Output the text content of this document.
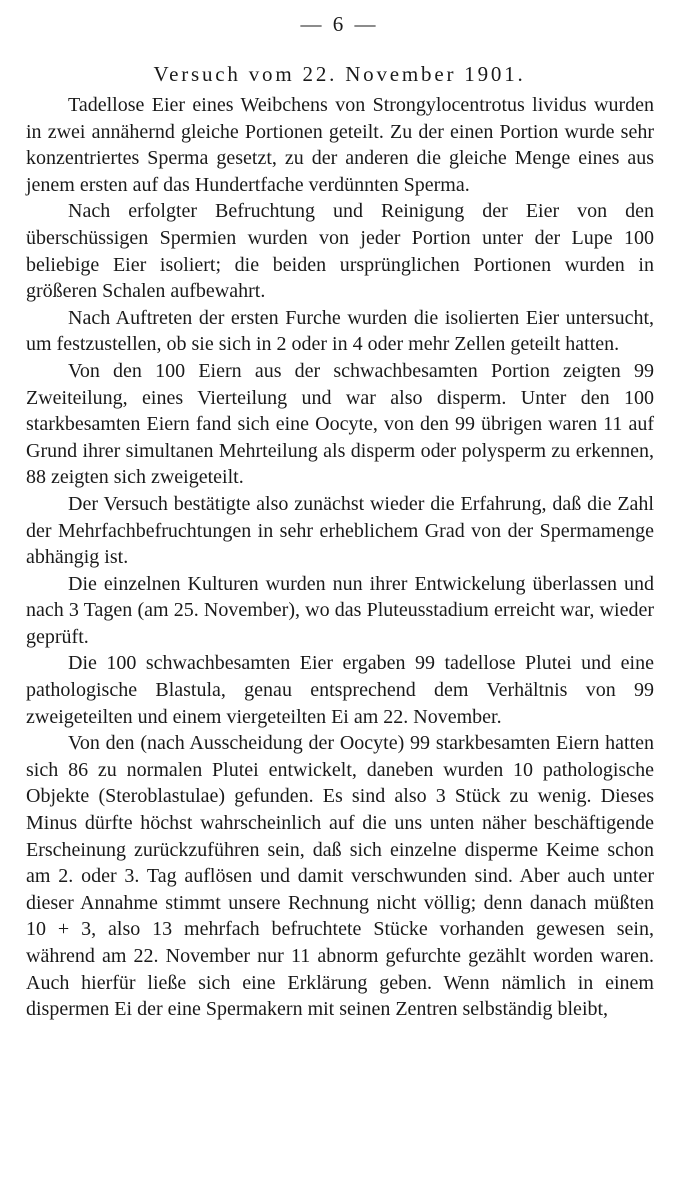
— 6 —
Versuch vom 22. November 1901.

Tadellose Eier eines Weibchens von Strongylocentrotus lividus wurden in zwei annähernd gleiche Portionen geteilt. Zu der einen Portion wurde sehr konzentriertes Sperma gesetzt, zu der anderen die gleiche Menge eines aus jenem ersten auf das Hundertfache verdünnten Sperma.

Nach erfolgter Befruchtung und Reinigung der Eier von den überschüssigen Spermien wurden von jeder Portion unter der Lupe 100 beliebige Eier isoliert; die beiden ursprünglichen Portionen wurden in größeren Schalen aufbewahrt.

Nach Auftreten der ersten Furche wurden die isolierten Eier untersucht, um festzustellen, ob sie sich in 2 oder in 4 oder mehr Zellen geteilt hatten.

Von den 100 Eiern aus der schwachbesamten Portion zeigten 99 Zweiteilung, eines Vierteilung und war also disperm. Unter den 100 starkbesamten Eiern fand sich eine Oocyte, von den 99 übrigen waren 11 auf Grund ihrer simultanen Mehrteilung als disperm oder polysperm zu erkennen, 88 zeigten sich zweigeteilt.

Der Versuch bestätigte also zunächst wieder die Erfahrung, daß die Zahl der Mehrfachbefruchtungen in sehr erheblichem Grad von der Spermamenge abhängig ist.

Die einzelnen Kulturen wurden nun ihrer Entwickelung überlassen und nach 3 Tagen (am 25. November), wo das Pluteusstadium erreicht war, wieder geprüft.

Die 100 schwachbesamten Eier ergaben 99 tadellose Plutei und eine pathologische Blastula, genau entsprechend dem Verhältnis von 99 zweigeteilten und einem viergeteilten Ei am 22. November.

Von den (nach Ausscheidung der Oocyte) 99 starkbesamten Eiern hatten sich 86 zu normalen Plutei entwickelt, daneben wurden 10 pathologische Objekte (Steroblastulae) gefunden. Es sind also 3 Stück zu wenig. Dieses Minus dürfte höchst wahrscheinlich auf die uns unten näher beschäftigende Erscheinung zurückzuführen sein, daß sich einzelne disperme Keime schon am 2. oder 3. Tag auflösen und damit verschwunden sind. Aber auch unter dieser Annahme stimmt unsere Rechnung nicht völlig; denn danach müßten 10 + 3, also 13 mehrfach befruchtete Stücke vorhanden gewesen sein, während am 22. November nur 11 abnorm gefurchte gezählt worden waren. Auch hierfür ließe sich eine Erklärung geben. Wenn nämlich in einem dispermen Ei der eine Spermakern mit seinen Zentren selbständig bleibt,
